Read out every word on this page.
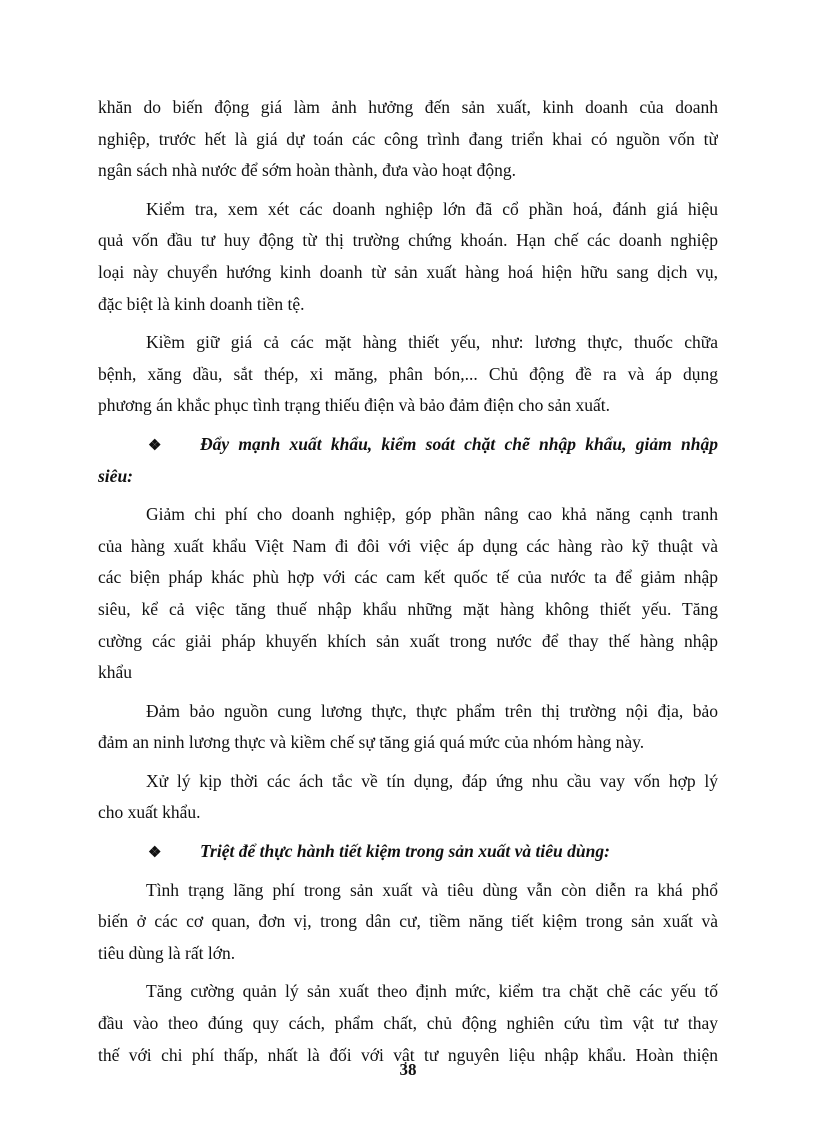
khăn do biến động giá làm ảnh hưởng đến sản xuất, kinh doanh của doanh

nghiệp, trước hết là giá dự toán các công trình đang triển khai có nguồn vốn từ

ngân sách nhà nước để sớm hoàn thành, đưa vào hoạt động.

Kiểm tra, xem xét các doanh nghiệp lớn đã cổ phần hoá, đánh giá hiệu

quả vốn đầu tư huy động từ thị trường chứng khoán. Hạn chế các doanh nghiệp

loại này chuyển hướng kinh doanh từ sản xuất hàng hoá hiện hữu sang dịch vụ,

đặc biệt là kinh doanh tiền tệ.

Kiềm giữ giá cả các mặt hàng thiết yếu, như: lương thực, thuốc chữa

bệnh, xăng dầu, sắt thép, xi măng, phân bón,... Chủ động đề ra và áp dụng

phương án khắc phục tình trạng thiếu điện và bảo đảm điện cho sản xuất.

❖	Đẩy mạnh xuất khẩu, kiểm soát chặt chẽ nhập khẩu, giảm nhập

siêu:

Giảm chi phí cho doanh nghiệp, góp phần nâng cao khả năng cạnh tranh

của hàng xuất khẩu Việt Nam đi đôi với việc áp dụng các hàng rào kỹ thuật và

các biện pháp khác phù hợp với các cam kết quốc tế của nước ta để giảm nhập

siêu, kể cả việc tăng thuế nhập khẩu những mặt hàng không thiết yếu. Tăng

cường các giải pháp khuyến khích sản xuất trong nước để thay thế hàng nhập

khẩu

Đảm bảo nguồn cung lương thực, thực phẩm trên thị trường nội địa, bảo

đảm an ninh lương thực và kiềm chế sự tăng giá quá mức của nhóm hàng này.

Xử lý kịp thời các ách tắc về tín dụng, đáp ứng nhu cầu vay vốn hợp lý

cho xuất khẩu.

❖	Triệt để thực hành tiết kiệm trong sản xuất và tiêu dùng:

Tình trạng lãng phí trong sản xuất và tiêu dùng vẫn còn diễn ra khá phổ

biến ở các cơ quan, đơn vị, trong dân cư, tiềm năng tiết kiệm trong sản xuất và

tiêu dùng là rất lớn.

Tăng cường quản lý sản xuất theo định mức, kiểm tra chặt chẽ các yếu tố

đầu vào theo đúng quy cách, phẩm chất, chủ động nghiên cứu tìm vật tư thay

thế với chi phí thấp, nhất là đối với vật tư nguyên liệu nhập khẩu. Hoàn thiện

38
